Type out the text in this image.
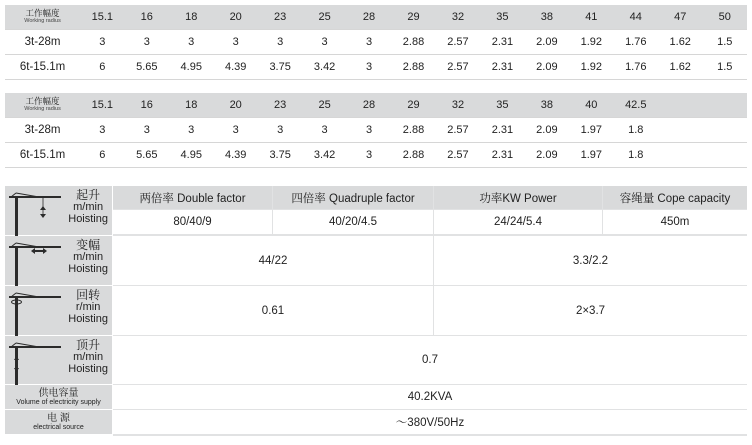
工作幅度
Working radius	15.1	16	18	20	23	25	28	29	32	35	38	41	44	47	50
3t-28m	3	3	3	3	3	3	3	2.88	2.57	2.31	2.09	1.92	1.76	1.62	1.5
6t-15.1m	6	5.65	4.95	4.39	3.75	3.42	3	2.88	2.57	2.31	2.09	1.92	1.76	1.62	1.5
工作幅度
Working radius	15.1	16	18	20	23	25	28	29	32	35	38	40	42.5		
3t-28m	3	3	3	3	3	3	3	2.88	2.57	2.31	2.09	1.97	1.8		
6t-15.1m	6	5.65	4.95	4.39	3.75	3.42	3	2.88	2.57	2.31	2.09	1.97	1.8		
起升
m/min
Hoisting
两倍率 Double factor	四倍率 Quadruple factor	功率KW Power	容绳量 Cope capacity
80/40/9	40/20/4.5	24/24/5.4	450m
变幅
m/min
Hoisting
44/22	3.3/2.2
回转
r/min
Hoisting
0.61	2×3.7
顶升
m/min
Hoisting
0.7
供电容量
Volume of electricity supply	40.2KVA
电 源
electrical source	～380V/50Hz
